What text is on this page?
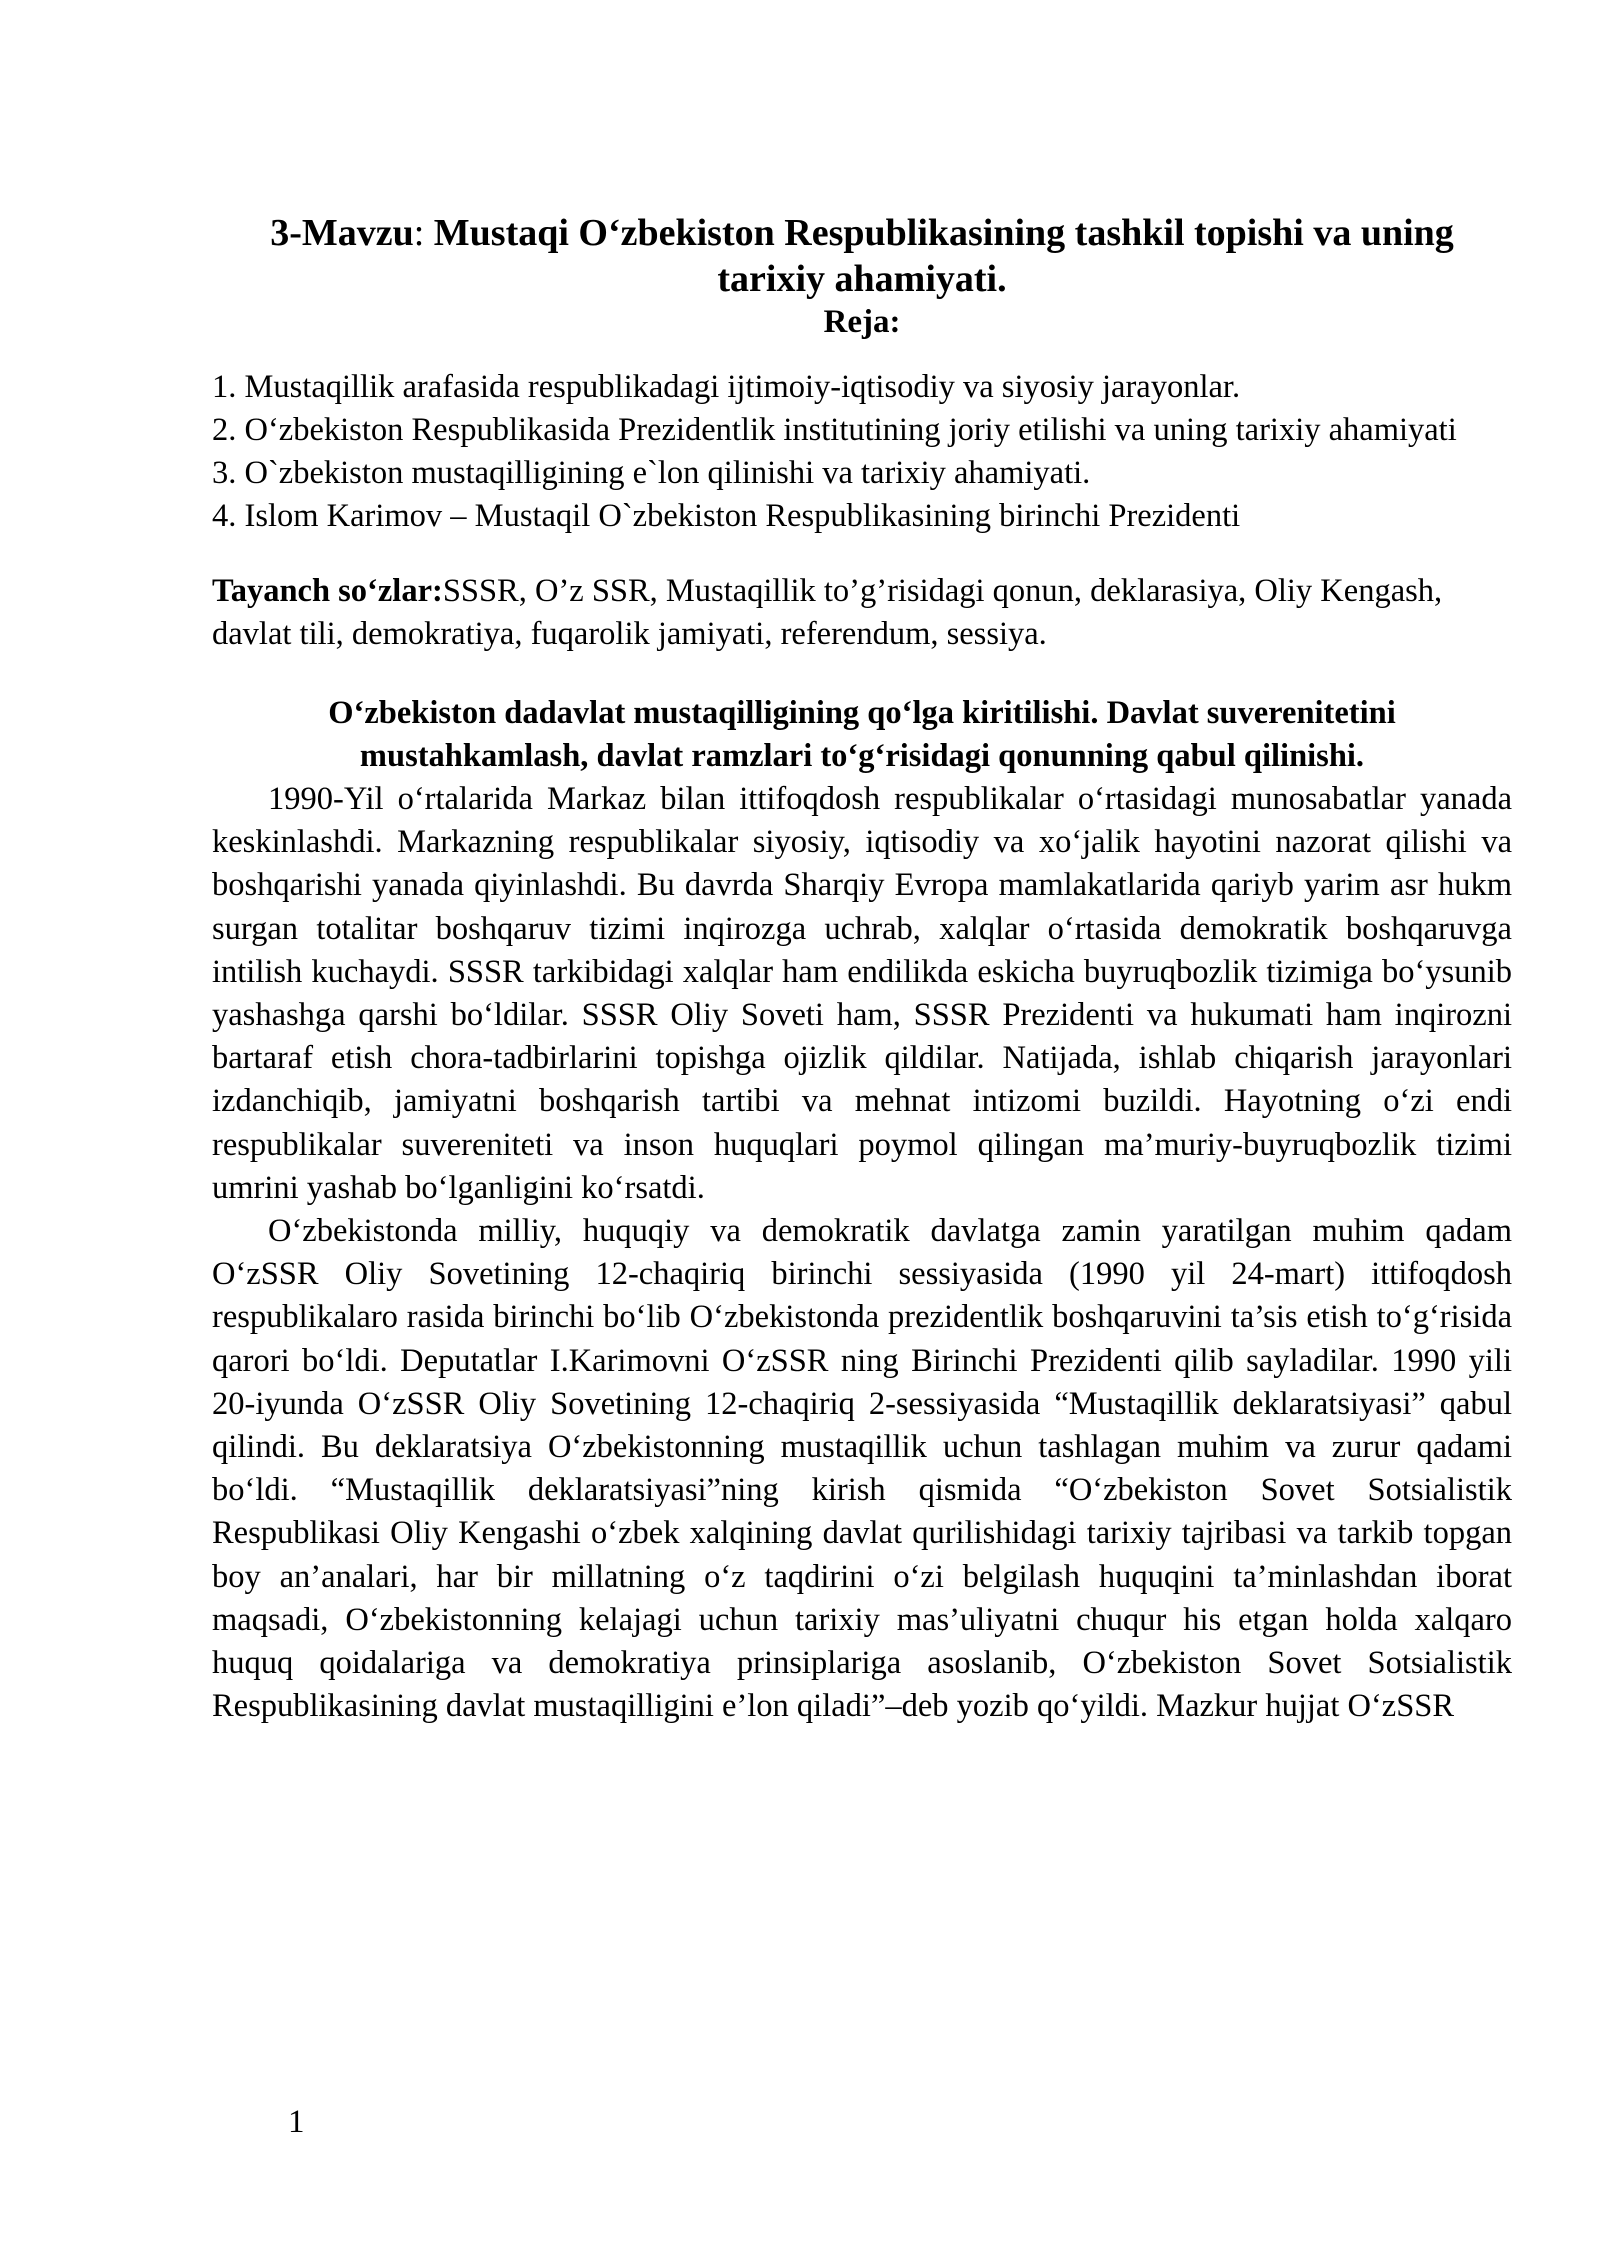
3-Mavzu: Mustaqi O‘zbekiston Respublikasining tashkil topishi va uning tarixiy ahamiyati.
Reja:
1. Mustaqillik arafasida respublikadagi ijtimoiy-iqtisodiy va siyosiy jarayonlar.
2. O‘zbekiston Respublikasida Prezidentlik institutining joriy etilishi va uning tarixiy ahamiyati
3. O`zbekiston mustaqilligining e`lon qilinishi va tarixiy ahamiyati.
4. Islom Karimov – Mustaqil O`zbekiston Respublikasining birinchi Prezidenti

Tayanch so‘zlar:SSSR, O’z SSR, Mustaqillik to’g’risidagi qonun, deklarasiya, Oliy Kengash, davlat tili, demokratiya, fuqarolik jamiyati, referendum, sessiya.

O‘zbekiston dadavlat mustaqilligining qo‘lga kiritilishi. Davlat suverenitetini mustahkamlash, davlat ramzlari to‘g‘risidagi qonunning qabul qilinishi.

1990-Yil o‘rtalarida Markaz bilan ittifoqdosh respublikalar o‘rtasidagi munosabatlar yanada keskinlashdi. Markazning respublikalar siyosiy, iqtisodiy va xo‘jalik hayotini nazorat qilishi va boshqarishi yanada qiyinlashdi. Bu davrda Sharqiy Evropa mamlakatlarida qariyb yarim asr hukm surgan totalitar boshqaruv tizimi inqirozga uchrab, xalqlar o‘rtasida demokratik boshqaruvga intilish kuchaydi. SSSR tarkibidagi xalqlar ham endilikda eskicha buyruqbozlik tizimiga bo‘ysunib yashashga qarshi bo‘ldilar. SSSR Oliy Soveti ham, SSSR Prezidenti va hukumati ham inqirozni bartaraf etish chora-tadbirlarini topishga ojizlik qildilar. Natijada, ishlab chiqarish jarayonlari izdanchiqib, jamiyatni boshqarish tartibi va mehnat intizomi buzildi. Hayotning o‘zi endi respublikalar suvereniteti va inson huquqlari poymol qilingan ma’muriy-buyruqbozlik tizimi umrini yashab bo‘lganligini ko‘rsatdi.

O‘zbekistonda milliy, huquqiy va demokratik davlatga zamin yaratilgan muhim qadam O‘zSSR Oliy Sovetining 12-chaqiriq birinchi sessiyasida (1990 yil 24-mart) ittifoqdosh respublikalaro rasida birinchi bo‘lib O‘zbekistonda prezidentlik boshqaruvini ta’sis etish to‘g‘risida qarori bo‘ldi. Deputatlar I.Karimovni O‘zSSR ning Birinchi Prezidenti qilib sayladilar. 1990 yili 20-iyunda O‘zSSR Oliy Sovetining 12-chaqiriq 2-sessiyasida “Mustaqillik deklaratsiyasi” qabul qilindi. Bu deklaratsiya O‘zbekistonning mustaqillik uchun tashlagan muhim va zurur qadami bo‘ldi. “Mustaqillik deklaratsiyasi”ning kirish qismida “O‘zbekiston Sovet Sotsialistik Respublikasi Oliy Kengashi o‘zbek xalqining davlat qurilishidagi tarixiy tajribasi va tarkib topgan boy an’analari, har bir millatning o‘z taqdirini o‘zi belgilash huquqini ta’minlashdan iborat maqsadi, O‘zbekistonning kelajagi uchun tarixiy mas’uliyatni chuqur his etgan holda xalqaro huquq qoidalariga va demokratiya prinsiplariga asoslanib, O‘zbekiston Sovet Sotsialistik Respublikasining davlat mustaqilligini e’lon qiladi”–deb yozib qo‘yildi. Mazkur hujjat O‘zSSR

1
